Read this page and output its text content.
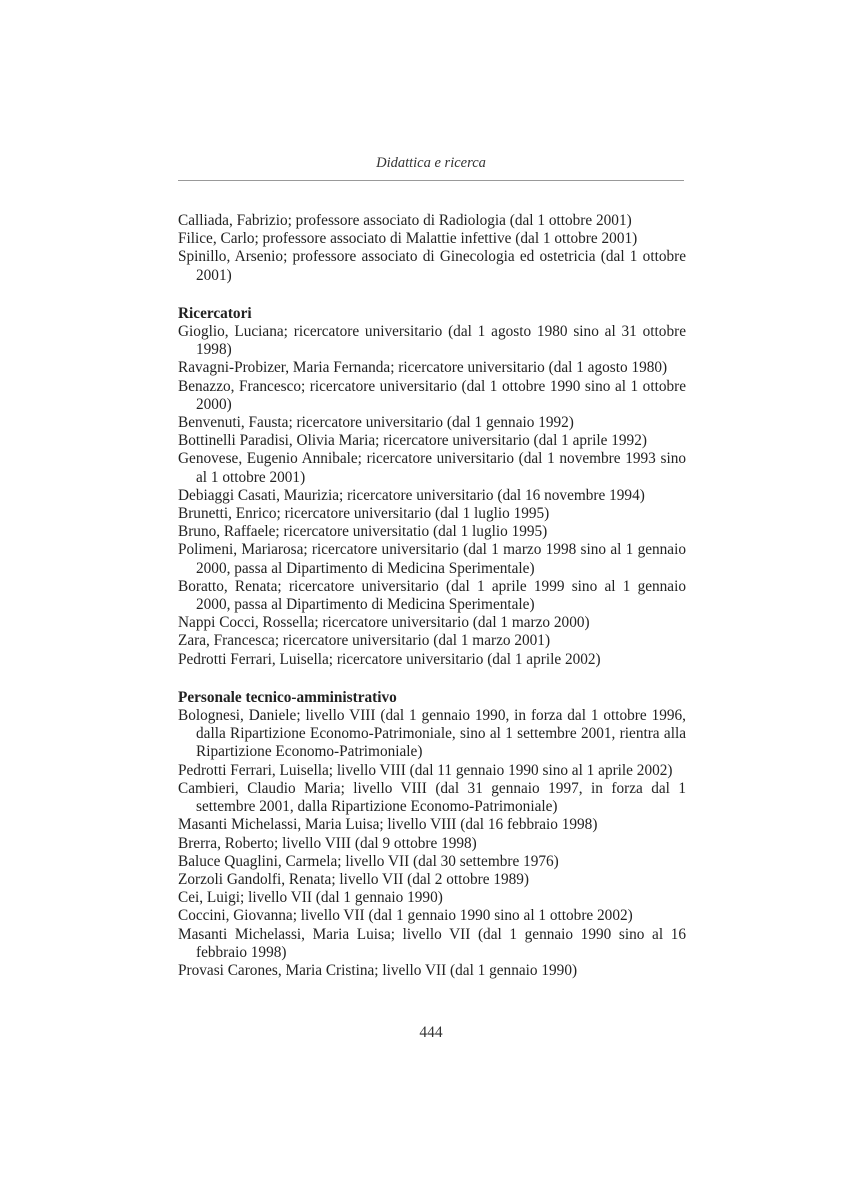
Didattica e ricerca

Calliada, Fabrizio; professore associato di Radiologia (dal 1 ottobre 2001)

Filice, Carlo; professore associato di Malattie infettive (dal 1 ottobre 2001)

Spinillo, Arsenio; professore associato di Ginecologia ed ostetricia (dal 1 ottobre 2001)

Ricercatori

Gioglio, Luciana; ricercatore universitario (dal 1 agosto 1980 sino al 31 ottobre 1998)

Ravagni-Probizer, Maria Fernanda; ricercatore universitario (dal 1 agosto 1980)

Benazzo, Francesco; ricercatore universitario (dal 1 ottobre 1990 sino al 1 ottobre 2000)

Benvenuti, Fausta; ricercatore universitario (dal 1 gennaio 1992)

Bottinelli Paradisi, Olivia Maria; ricercatore universitario (dal 1 aprile 1992)

Genovese, Eugenio Annibale; ricercatore universitario (dal 1 novembre 1993 sino al 1 ottobre 2001)

Debiaggi Casati, Maurizia; ricercatore universitario (dal 16 novembre 1994)

Brunetti, Enrico; ricercatore universitario (dal 1 luglio 1995)

Bruno, Raffaele; ricercatore universitatio (dal 1 luglio 1995)

Polimeni, Mariarosa; ricercatore universitario (dal 1 marzo 1998 sino al 1 gennaio 2000, passa al Dipartimento di Medicina Sperimentale)

Boratto, Renata; ricercatore universitario (dal 1 aprile 1999 sino al 1 gennaio 2000, passa al Dipartimento di Medicina Sperimentale)

Nappi Cocci, Rossella; ricercatore universitario (dal 1 marzo 2000)

Zara, Francesca; ricercatore universitario (dal 1 marzo 2001)

Pedrotti Ferrari, Luisella; ricercatore universitario (dal 1 aprile 2002)

Personale tecnico-amministrativo

Bolognesi, Daniele; livello VIII (dal 1 gennaio 1990, in forza dal 1 ottobre 1996, dalla Ripartizione Economo-Patrimoniale, sino al 1 settembre 2001, rientra alla Ripartizione Economo-Patrimoniale)

Pedrotti Ferrari, Luisella; livello VIII (dal 11 gennaio 1990 sino al 1 aprile 2002)

Cambieri, Claudio Maria; livello VIII (dal 31 gennaio 1997, in forza dal 1 settembre 2001, dalla Ripartizione Economo-Patrimoniale)

Masanti Michelassi, Maria Luisa; livello VIII (dal 16 febbraio 1998)

Brerra, Roberto; livello VIII (dal 9 ottobre 1998)

Baluce Quaglini, Carmela; livello VII (dal 30 settembre 1976)

Zorzoli Gandolfi, Renata; livello VII (dal 2 ottobre 1989)

Cei, Luigi; livello VII (dal 1 gennaio 1990)

Coccini, Giovanna; livello VII (dal 1 gennaio 1990 sino al 1 ottobre 2002)

Masanti Michelassi, Maria Luisa; livello VII (dal 1 gennaio 1990 sino al 16 febbraio 1998)

Provasi Carones, Maria Cristina; livello VII (dal 1 gennaio 1990)

444
